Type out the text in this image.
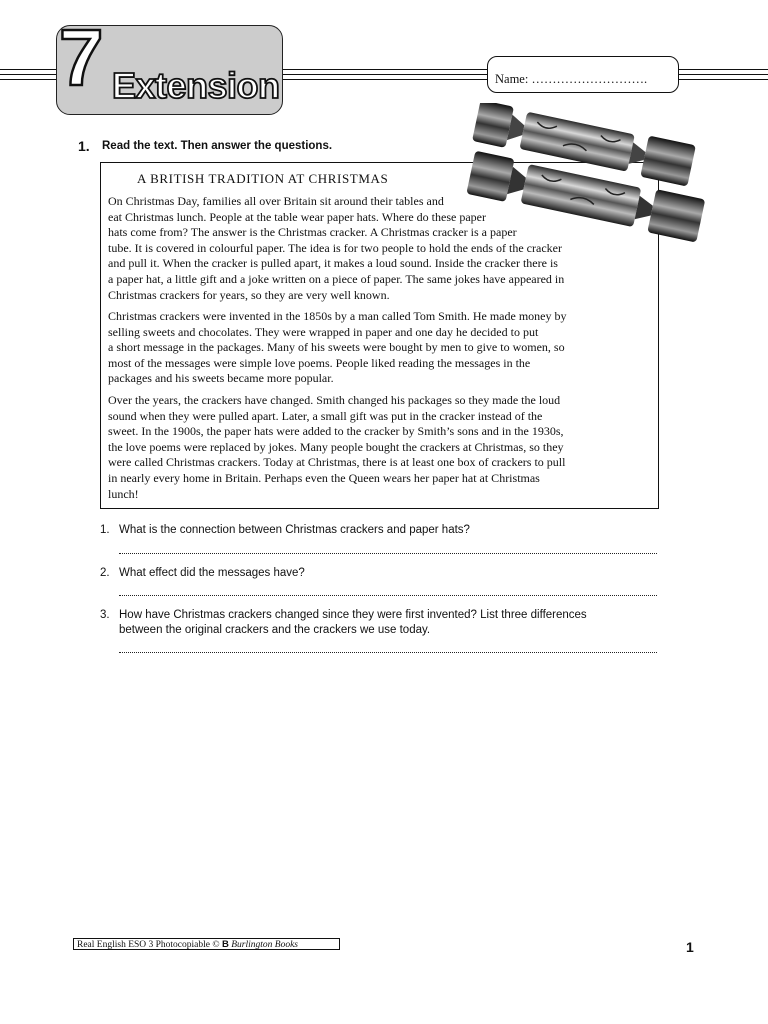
7 Extension	Name: ……………………….
1. Read the text. Then answer the questions.
A BRITISH TRADITION AT CHRISTMAS
On Christmas Day, families all over Britain sit around their tables and
eat Christmas lunch. People at the table wear paper hats. Where do these paper
hats come from? The answer is the Christmas cracker. A Christmas cracker is a paper
tube. It is covered in colourful paper. The idea is for two people to hold the ends of the cracker
and pull it. When the cracker is pulled apart, it makes a loud sound. Inside the cracker there is
a paper hat, a little gift and a joke written on a piece of paper. The same jokes have appeared in
Christmas crackers for years, so they are very well known.
Christmas crackers were invented in the 1850s by a man called Tom Smith. He made money by
selling sweets and chocolates. They were wrapped in paper and one day he decided to put
a short message in the packages. Many of his sweets were bought by men to give to women, so
most of the messages were simple love poems. People liked reading the messages in the
packages and his sweets became more popular.
Over the years, the crackers have changed. Smith changed his packages so they made the loud
sound when they were pulled apart. Later, a small gift was put in the cracker instead of the
sweet. In the 1900s, the paper hats were added to the cracker by Smith’s sons and in the 1930s,
the love poems were replaced by jokes. Many people bought the crackers at Christmas, so they
were called Christmas crackers. Today at Christmas, there is at least one box of crackers to pull
in nearly every home in Britain. Perhaps even the Queen wears her paper hat at Christmas
lunch!
1. What is the connection between Christmas crackers and paper hats?
2. What effect did the messages have?
3. How have Christmas crackers changed since they were first invented? List three differences
between the original crackers and the crackers we use today.
Real English ESO 3 Photocopiable © B Burlington Books	1
